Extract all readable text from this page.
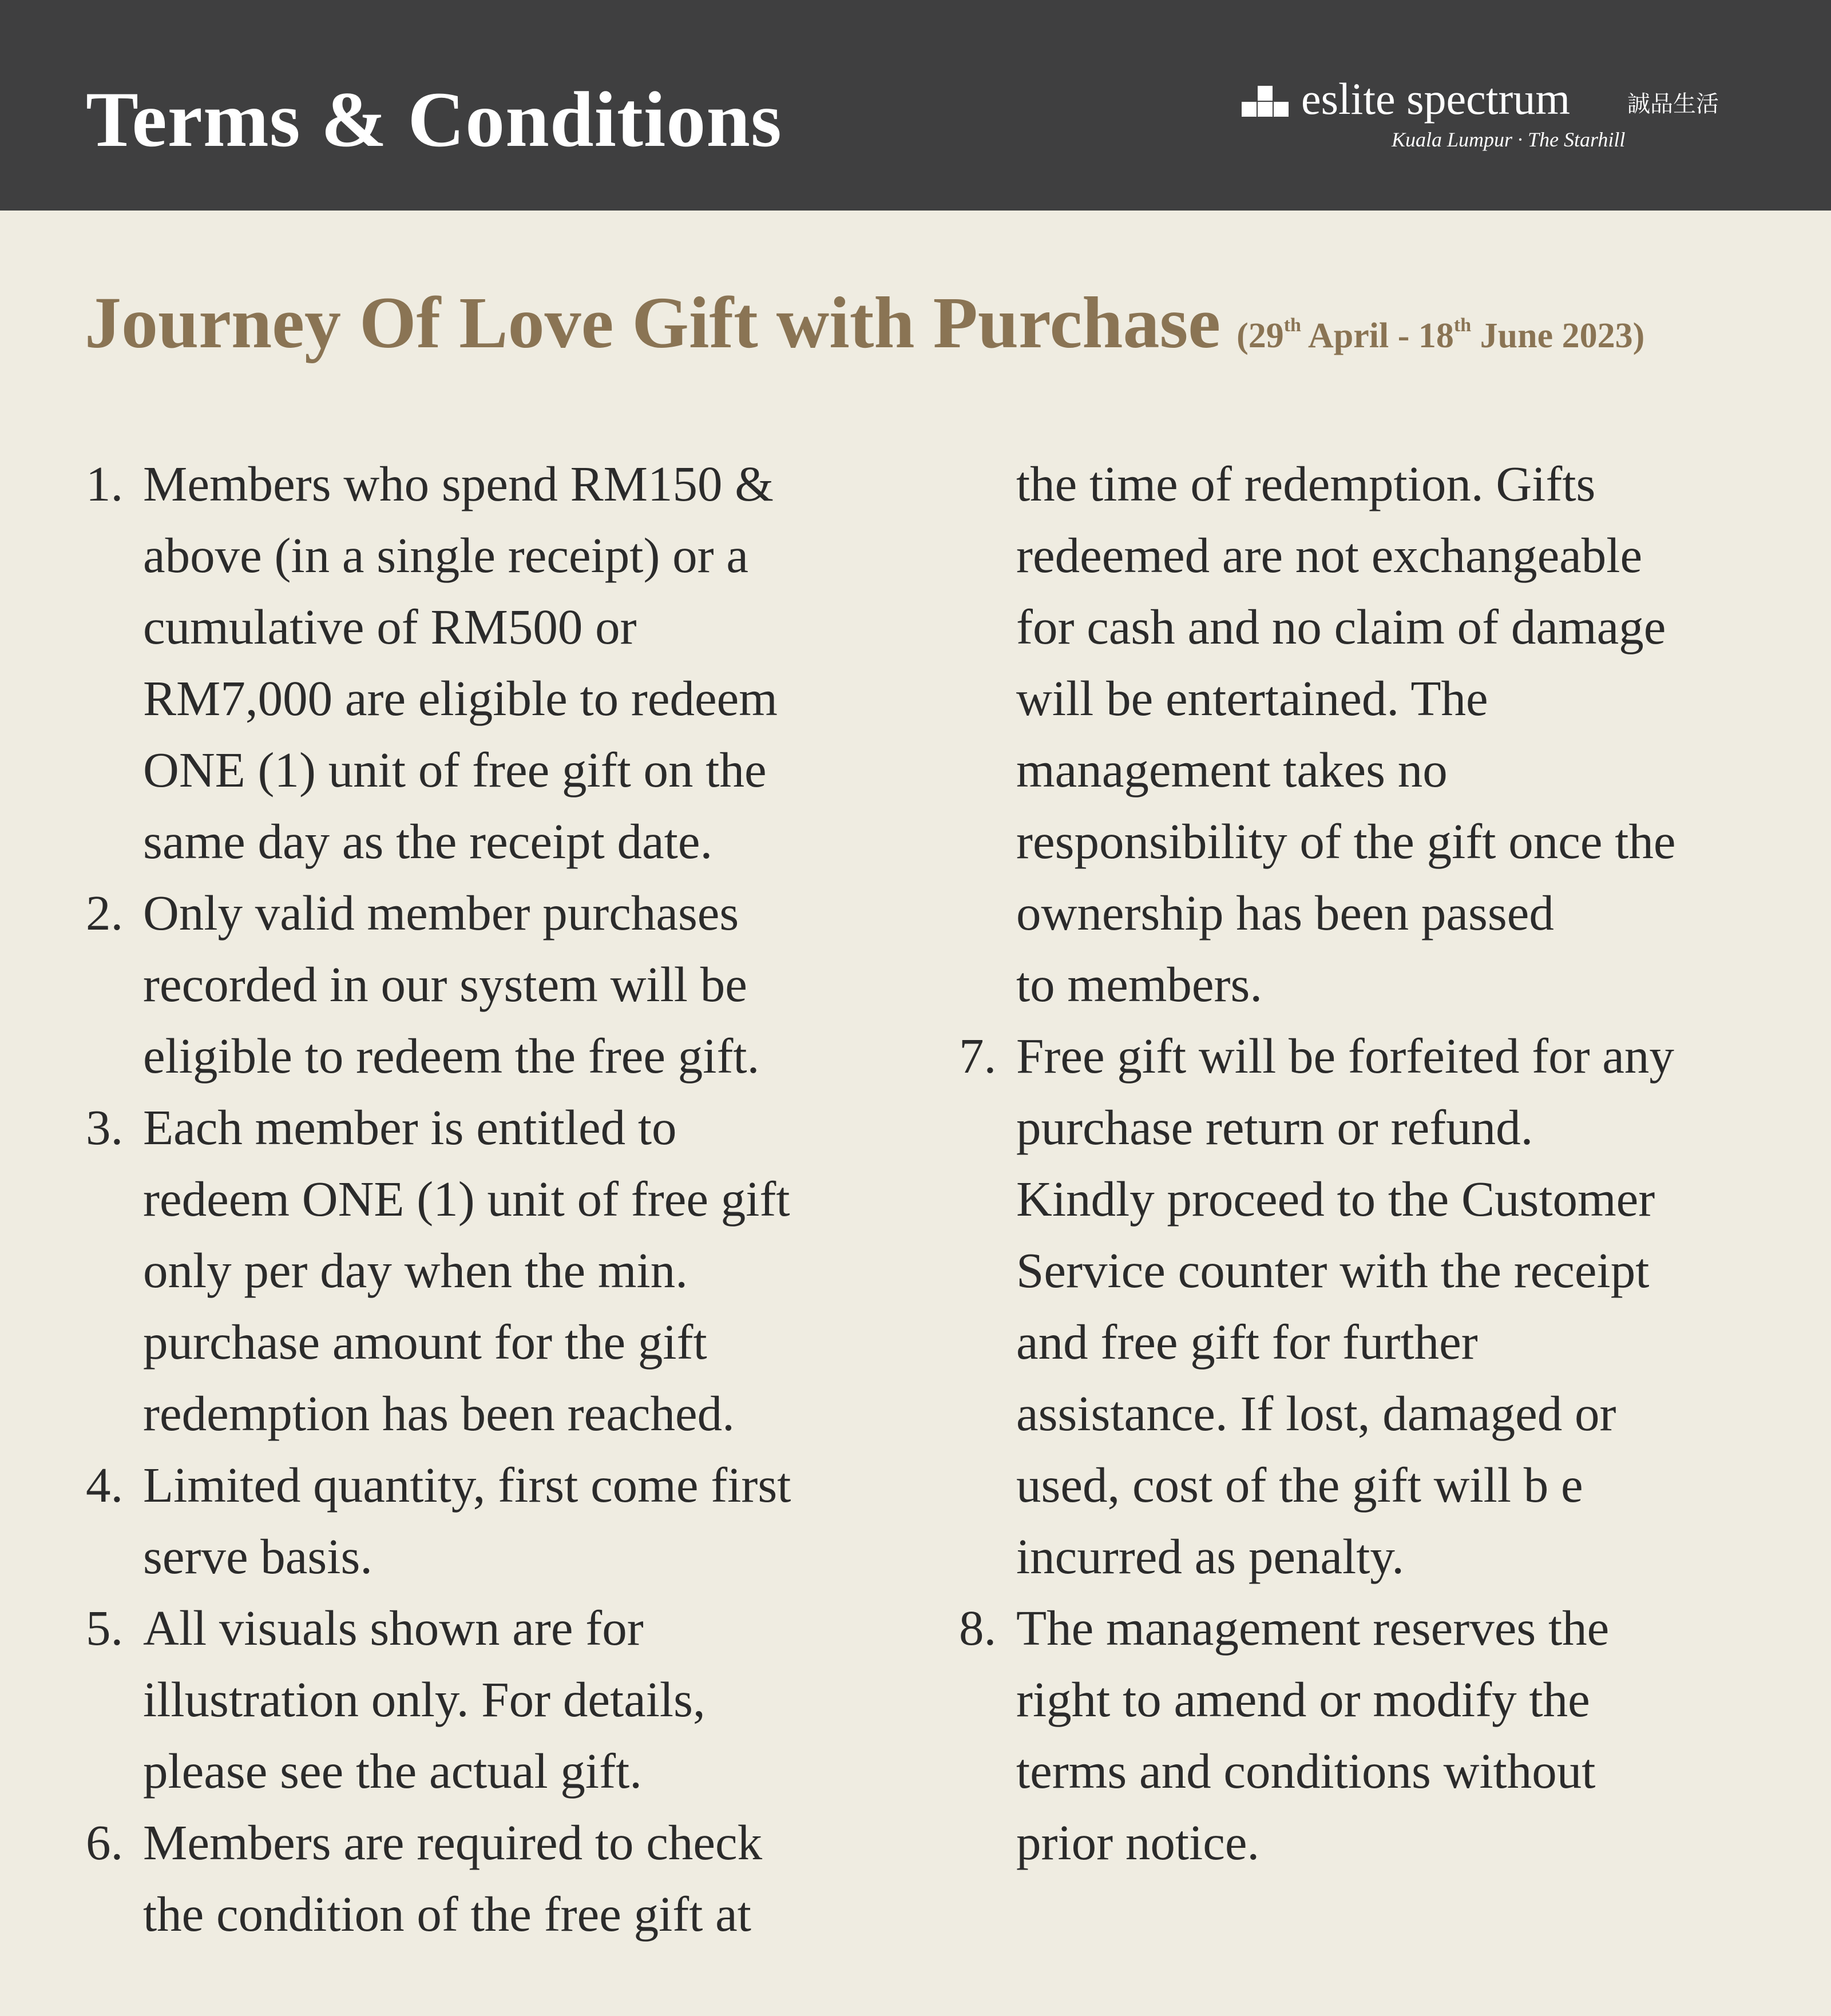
Terms & Conditions	eslite spectrum 誠品生活
Kuala Lumpur · The Starhill
Journey Of Love Gift with Purchase (29th April - 18th June 2023)
1. Members who spend RM150 &
above (in a single receipt) or a
cumulative of RM500 or
RM7,000 are eligible to redeem
ONE (1) unit of free gift on the
same day as the receipt date.
2. Only valid member purchases
recorded in our system will be
eligible to redeem the free gift.
3. Each member is entitled to
redeem ONE (1) unit of free gift
only per day when the min.
purchase amount for the gift
redemption has been reached.
4. Limited quantity, first come first
serve basis.
5. All visuals shown are for
illustration only. For details,
please see the actual gift.
6. Members are required to check
the condition of the free gift at
the time of redemption. Gifts
redeemed are not exchangeable
for cash and no claim of damage
will be entertained. The
management takes no
responsibility of the gift once the
ownership has been passed
to members.
7. Free gift will be forfeited for any
purchase return or refund.
Kindly proceed to the Customer
Service counter with the receipt
and free gift for further
assistance. If lost, damaged or
used, cost of the gift will b e
incurred as penalty.
8. The management reserves the
right to amend or modify the
terms and conditions without
prior notice.
